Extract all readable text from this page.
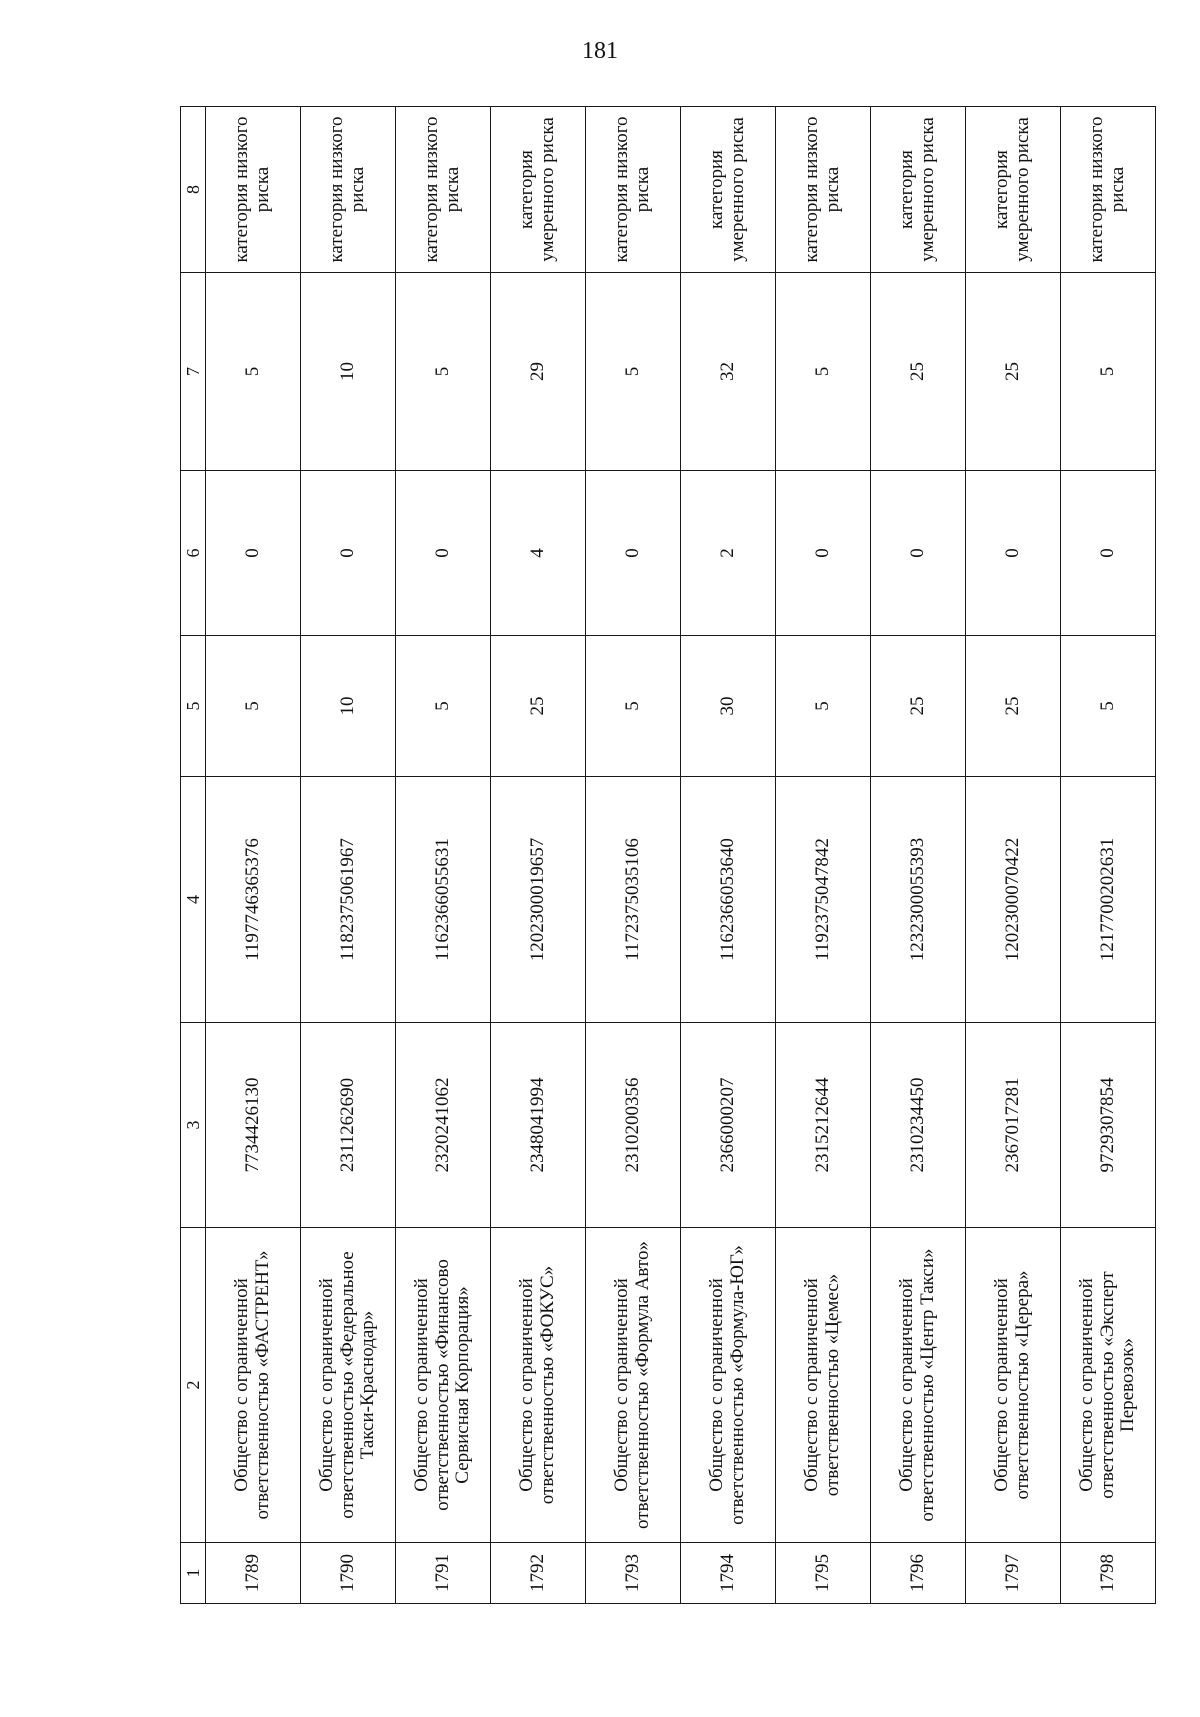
181
1	2	3	4	5	6	7	8
1789	Общество с ограниченной ответственностью «ФАСТРЕНТ»	7734426130	1197746365376	5	0	5	категория низкого риска
1790	Общество с ограниченной ответственностью «Федеральное Такси-Краснодар»	2311262690	1182375061967	10	0	10	категория низкого риска
1791	Общество с ограниченной ответственностью «Финансово Сервисная Корпорация»	2320241062	1162366055631	5	0	5	категория низкого риска
1792	Общество с ограниченной ответственностью «ФОКУС»	2348041994	1202300019657	25	4	29	категория умеренного риска
1793	Общество с ограниченной ответственностью «Формула Авто»	2310200356	1172375035106	5	0	5	категория низкого риска
1794	Общество с ограниченной ответственностью «Формула-ЮГ»	2366000207	1162366053640	30	2	32	категория умеренного риска
1795	Общество с ограниченной ответственностью «Цемес»	2315212644	1192375047842	5	0	5	категория низкого риска
1796	Общество с ограниченной ответственностью «Центр Такси»	2310234450	1232300055393	25	0	25	категория умеренного риска
1797	Общество с ограниченной ответственностью «Церера»	2367017281	1202300070422	25	0	25	категория умеренного риска
1798	Общество с ограниченной ответственностью «Эксперт Перевозок»	9729307854	1217700202631	5	0	5	категория низкого риска
